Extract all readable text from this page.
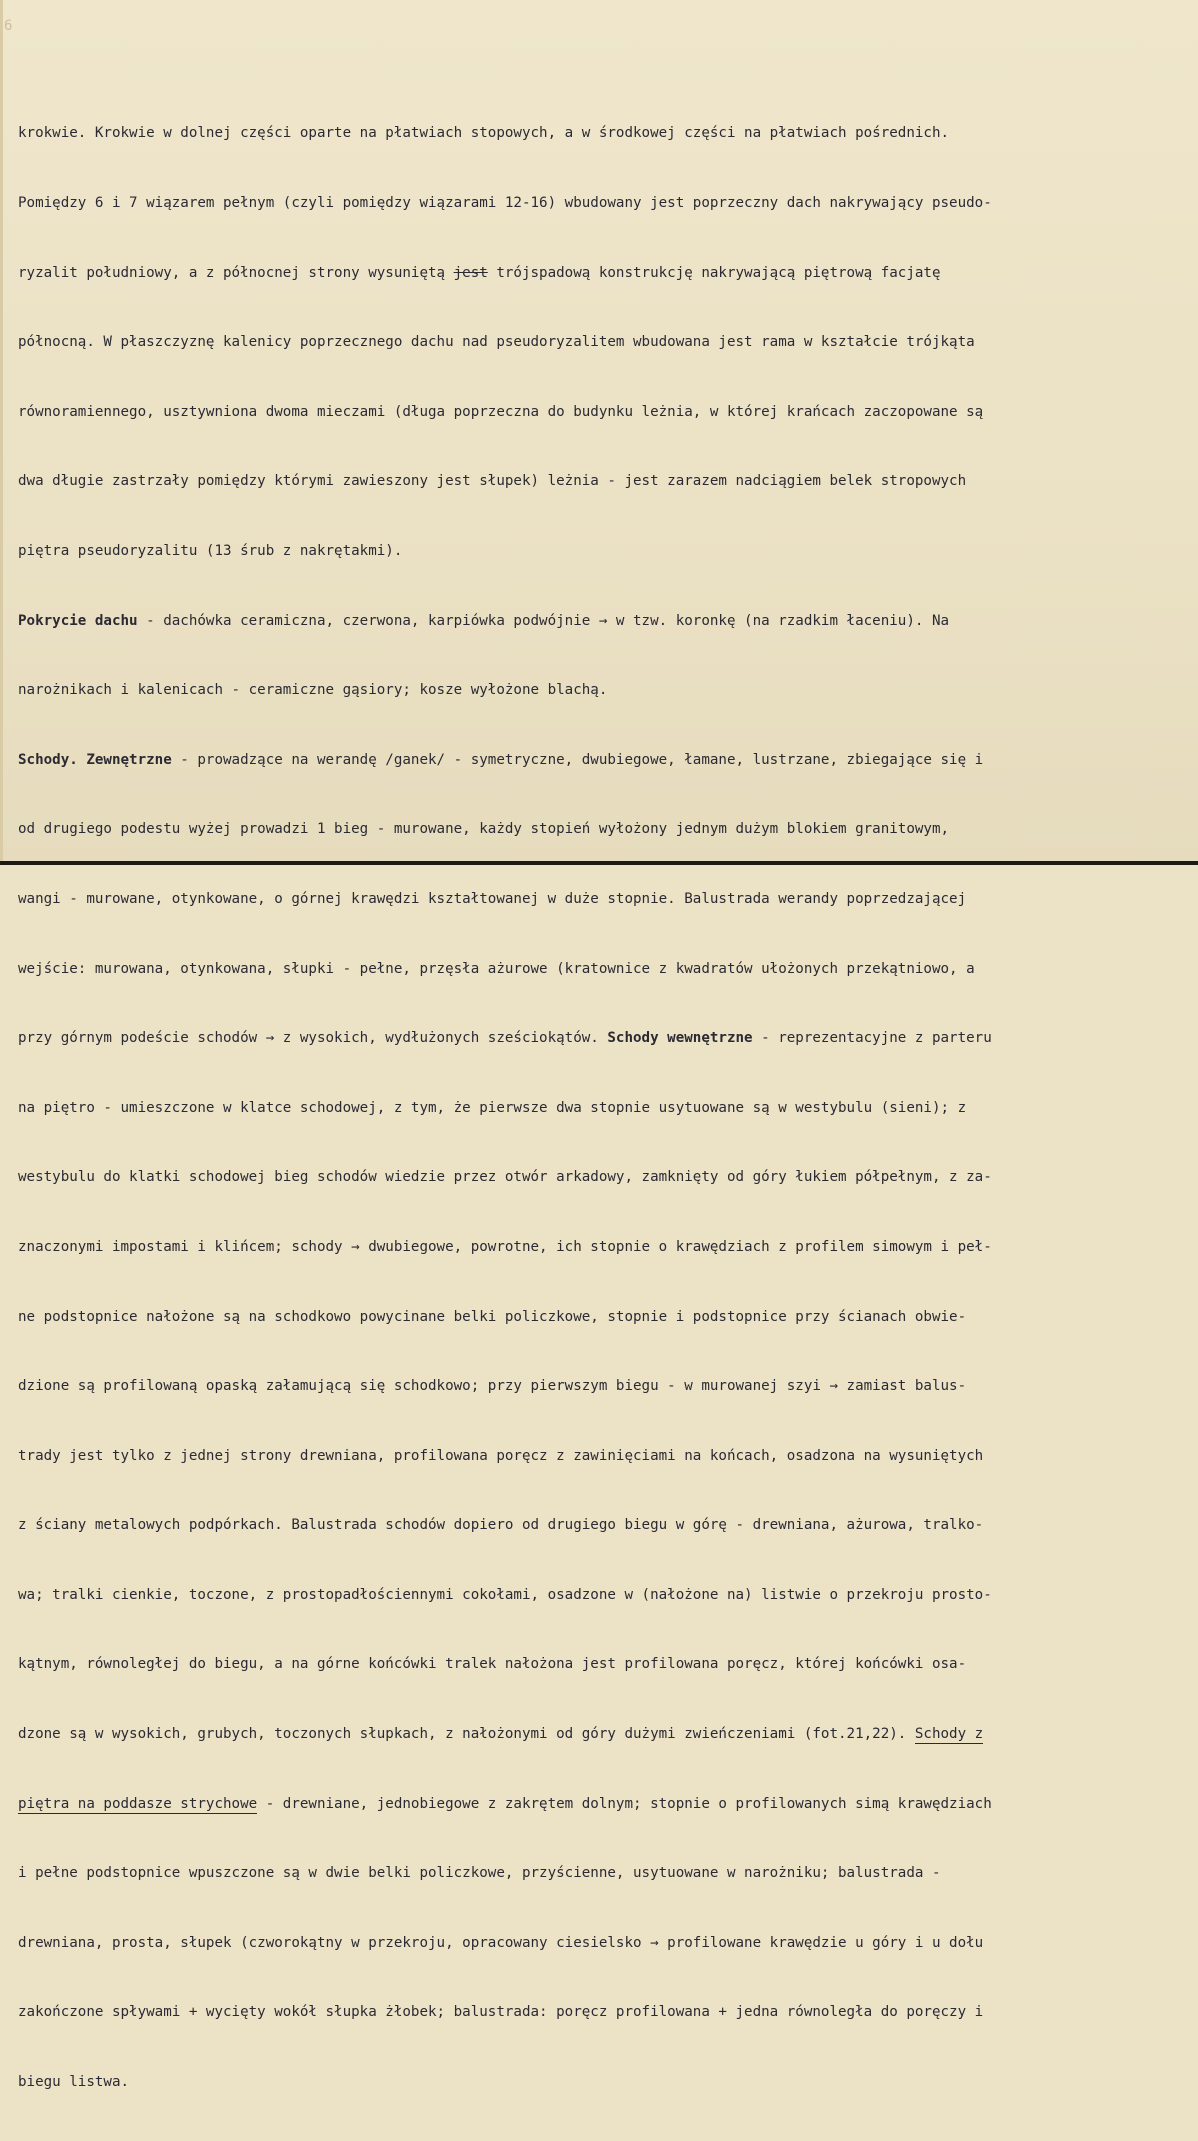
6

krokwie. Krokwie w dolnej części oparte na płatwiach stopowych, a w środkowej części na płatwiach pośrednich.

Pomiędzy 6 i 7 wiązarem pełnym (czyli pomiędzy wiązarami 12-16) wbudowany jest poprzeczny dach nakrywający pseudo-

ryzalit południowy, a z północnej strony wysuniętą jest trójspadową konstrukcję nakrywającą piętrową facjatę

północną. W płaszczyznę kalenicy poprzecznego dachu nad pseudoryzalitem wbudowana jest rama w kształcie trójkąta

równoramiennego, usztywniona dwoma mieczami (długa poprzeczna do budynku leżnia, w której krańcach zaczopowane są

dwa długie zastrzały pomiędzy którymi zawieszony jest słupek) leżnia - jest zarazem nadciągiem belek stropowych

piętra pseudoryzalitu (13 śrub z nakrętakmi).

Pokrycie dachu - dachówka ceramiczna, czerwona, karpiówka podwójnie → w tzw. koronkę (na rzadkim łaceniu). Na

narożnikach i kalenicach - ceramiczne gąsiory; kosze wyłożone blachą.

Schody. Zewnętrzne - prowadzące na werandę /ganek/ - symetryczne, dwubiegowe, łamane, lustrzane, zbiegające się i

od drugiego podestu wyżej prowadzi 1 bieg - murowane, każdy stopień wyłożony jednym dużym blokiem granitowym,

wangi - murowane, otynkowane, o górnej krawędzi kształtowanej w duże stopnie. Balustrada werandy poprzedzającej

wejście: murowana, otynkowana, słupki - pełne, przęsła ażurowe (kratownice z kwadratów ułożonych przekątniowo, a

przy górnym podeście schodów → z wysokich, wydłużonych sześciokątów. Schody wewnętrzne - reprezentacyjne z parteru

na piętro - umieszczone w klatce schodowej, z tym, że pierwsze dwa stopnie usytuowane są w westybulu (sieni); z

westybulu do klatki schodowej bieg schodów wiedzie przez otwór arkadowy, zamknięty od góry łukiem półpełnym, z za-

znaczonymi impostami i klińcem; schody → dwubiegowe, powrotne, ich stopnie o krawędziach z profilem simowym i peł-

ne podstopnice nałożone są na schodkowo powycinane belki policzkowe, stopnie i podstopnice przy ścianach obwie-

dzione są profilowaną opaską załamującą się schodkowo; przy pierwszym biegu - w murowanej szyi → zamiast balus-

trady jest tylko z jednej strony drewniana, profilowana poręcz z zawinięciami na końcach, osadzona na wysuniętych

z ściany metalowych podpórkach. Balustrada schodów dopiero od drugiego biegu w górę - drewniana, ażurowa, tralko-

wa; tralki cienkie, toczone, z prostopadłościennymi cokołami, osadzone w (nałożone na) listwie o przekroju prosto-

kątnym, równoległej do biegu, a na górne końcówki tralek nałożona jest profilowana poręcz, której końcówki osa-

dzone są w wysokich, grubych, toczonych słupkach, z nałożonymi od góry dużymi zwieńczeniami (fot.21,22). Schody z

piętra na poddasze strychowe - drewniane, jednobiegowe z zakrętem dolnym; stopnie o profilowanych simą krawędziach

i pełne podstopnice wpuszczone są w dwie belki policzkowe, przyścienne, usytuowane w narożniku; balustrada -

drewniana, prosta, słupek (czworokątny w przekroju, opracowany ciesielsko → profilowane krawędzie u góry i u dołu

zakończone spływami + wycięty wokół słupka żłobek; balustrada: poręcz profilowana + jedna równoległa do poręczy i

biegu listwa.
